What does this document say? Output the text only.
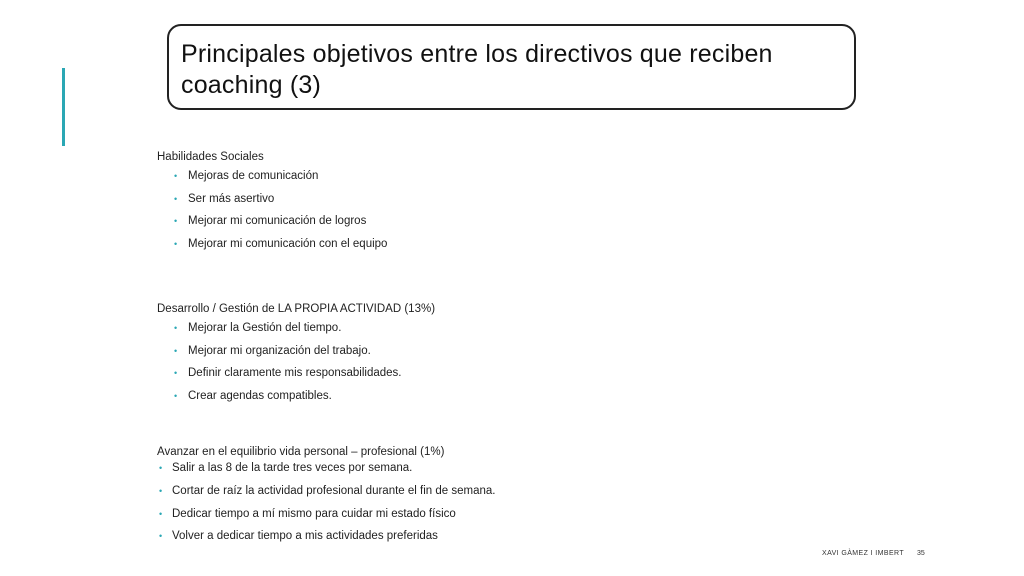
Principales objetivos entre los directivos que reciben coaching (3)
Habilidades Sociales
• Mejoras de comunicación
• Ser más asertivo
• Mejorar mi comunicación de logros
• Mejorar mi comunicación con el equipo
Desarrollo / Gestión de LA PROPIA ACTIVIDAD (13%)
• Mejorar la Gestión del tiempo.
• Mejorar mi organización del trabajo.
• Definir claramente mis responsabilidades.
• Crear agendas compatibles.
Avanzar en el equilibrio vida personal – profesional (1%)
• Salir a las 8 de la tarde tres veces por semana.
• Cortar de raíz la actividad profesional durante el fin de semana.
• Dedicar tiempo a mí mismo para cuidar mi estado físico
• Volver a dedicar tiempo a mis actividades preferidas
XAVI GÀMEZ I IMBERT 35
